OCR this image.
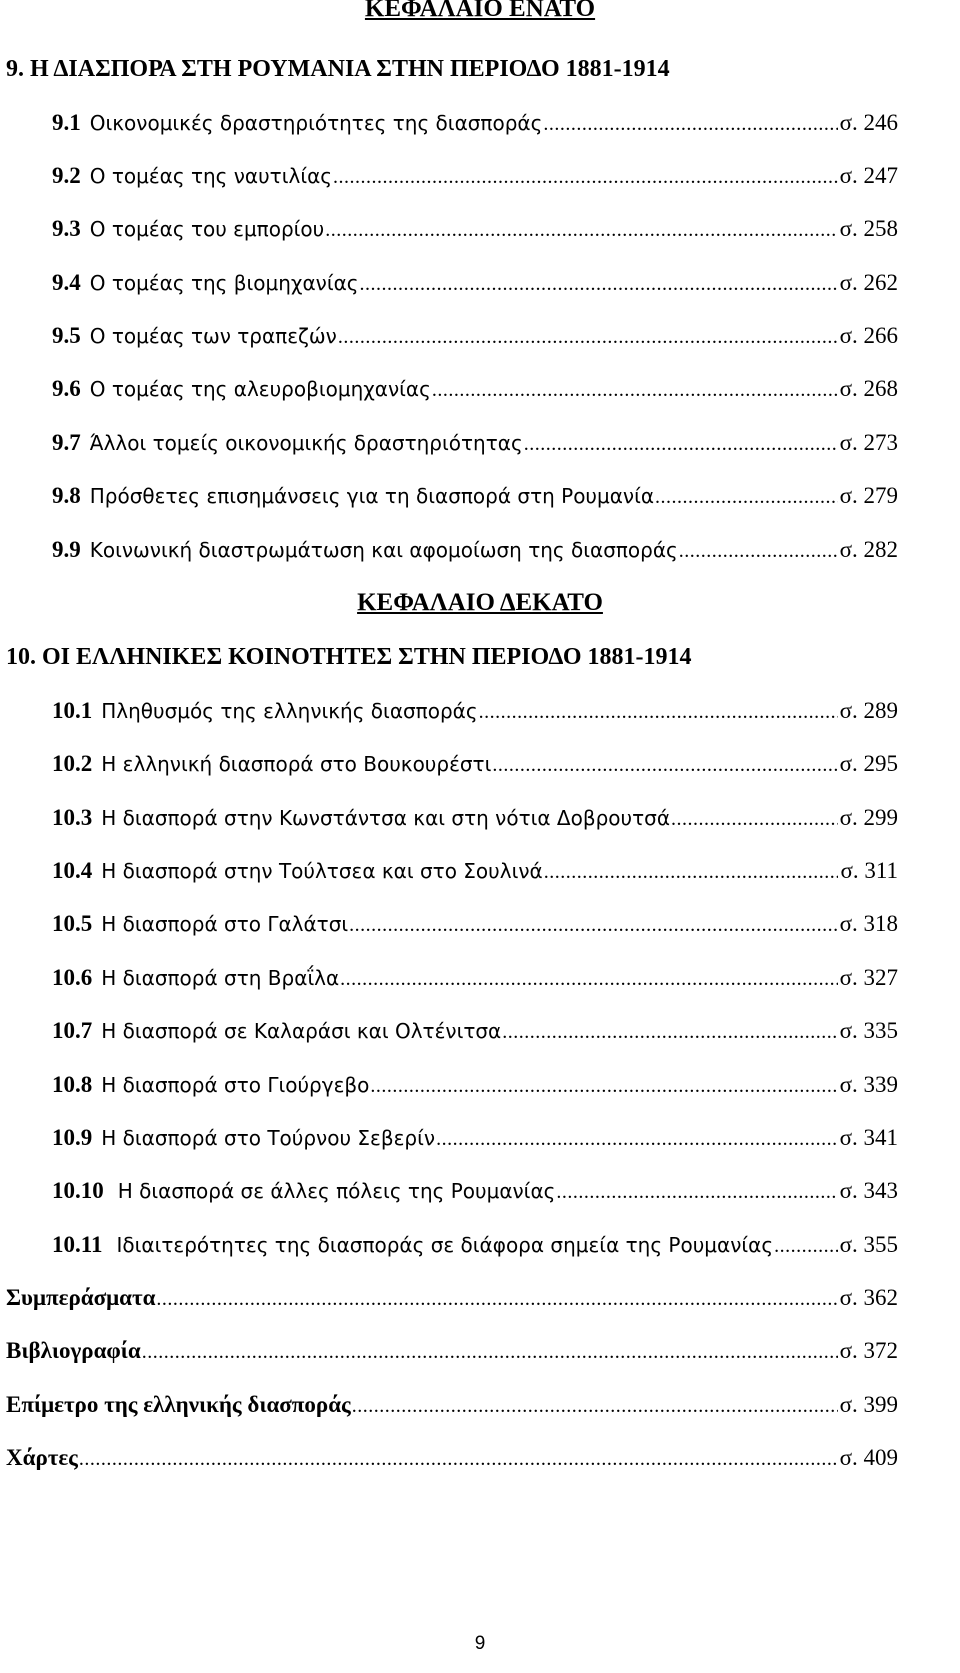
ΚΕΦΑΛΑΙΟ ΕΝΑΤΟ
9. Η ΔΙΑΣΠΟΡΑ ΣΤΗ ΡΟΥΜΑΝΙΑ ΣΤΗΝ ΠΕΡΙΟΔΟ 1881-1914
9.1 Οικονομικές δραστηριότητες της διασποράς .....	σ. 246
9.2 Ο τομέας της ναυτιλίας .....	σ. 247
9.3 Ο τομέας του εμπορίου .....	σ. 258
9.4 Ο τομέας της βιομηχανίας .....	σ. 262
9.5 Ο τομέας των τραπεζών .....	σ. 266
9.6 Ο τομέας της αλευροβιομηχανίας .....	σ. 268
9.7 Άλλοι τομείς οικονομικής δραστηριότητας .....	σ. 273
9.8 Πρόσθετες επισημάνσεις για τη διασπορά στη Ρουμανία .....	σ. 279
9.9 Κοινωνική διαστρωμάτωση και αφομοίωση της διασποράς .....	σ. 282
ΚΕΦΑΛΑΙΟ ΔΕΚΑΤΟ
10. ΟΙ ΕΛΛΗΝΙΚΕΣ ΚΟΙΝΟΤΗΤΕΣ ΣΤΗΝ ΠΕΡΙΟΔΟ 1881-1914
10.1 Πληθυσμός της ελληνικής διασποράς .....	σ. 289
10.2 Η ελληνική διασπορά στο Βουκουρέστι .....	σ. 295
10.3 Η διασπορά στην Κωνστάντσα και στη νότια Δοβρουτσά .....	σ. 299
10.4 Η διασπορά στην Τούλτσεα και στο Σουλινά .....	σ. 311
10.5 Η διασπορά στο Γαλάτσι .....	σ. 318
10.6 Η διασπορά στη Βραΐλα .....	σ. 327
10.7 Η διασπορά σε Καλαράσι και Ολτένιτσα .....	σ. 335
10.8 Η διασπορά στο Γιούργεβο .....	σ. 339
10.9 Η διασπορά στο Τούρνου Σεβερίν .....	σ. 341
10.10 Η διασπορά σε άλλες πόλεις της Ρουμανίας .....	σ. 343
10.11 Ιδιαιτερότητες της διασποράς σε διάφορα σημεία της Ρουμανίας .....	σ. 355
Συμπεράσματα .....	σ. 362
Βιβλιογραφία .....	σ. 372
Επίμετρο της ελληνικής διασποράς .....	σ. 399
Χάρτες .....	σ. 409
9
